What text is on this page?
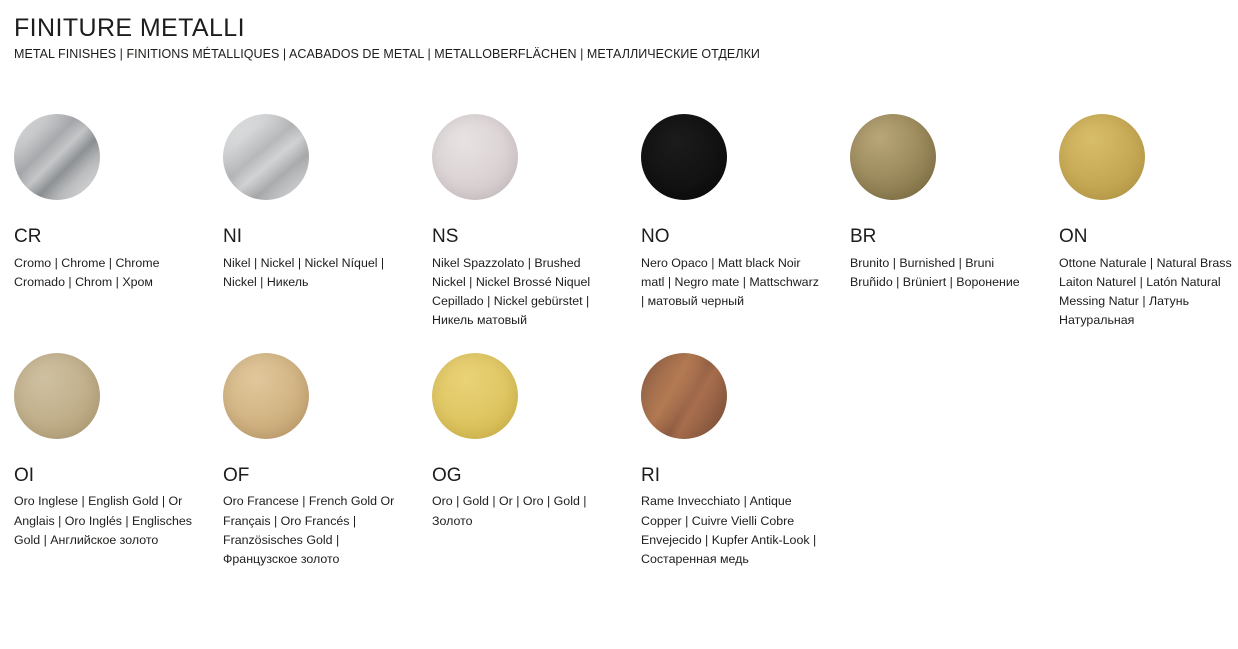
FINITURE METALLI

METAL FINISHES | FINITIONS MÉTALLIQUES | ACABADOS DE METAL | METALLOBERFLÄCHEN | МЕТАЛЛИЧЕСКИЕ ОТДЕЛКИ

CR
Cromo | Chrome | Chrome Cromado | Chrom | Хром
NI
Nikel | Nickel | Nickel Níquel | Nickel | Никель
NS
Nikel Spazzolato | Brushed Nickel | Nickel Brossé Niquel Cepillado | Nickel gebürstet | Никель матовый
NO
Nero Opaco | Matt black Noir matl | Negro mate | Mattschwarz | матовый черный
BR
Brunito | Burnished | Bruni Bruñido | Brüniert | Воронение
ON
Ottone Naturale | Natural Brass Laiton Naturel | Latón Natural Messing Natur | Латунь Натуральная
OI
Oro Inglese | English Gold | Or Anglais | Oro Inglés | Englisches Gold | Английское золото
OF
Oro Francese | French Gold Or Français | Oro Francés | Französisches Gold | Французское золото
OG
Oro | Gold | Or | Oro | Gold | Золото
RI
Rame Invecchiato | Antique Copper | Cuivre Vielli Cobre Envejecido | Kupfer Antik-Look | Состаренная медь
